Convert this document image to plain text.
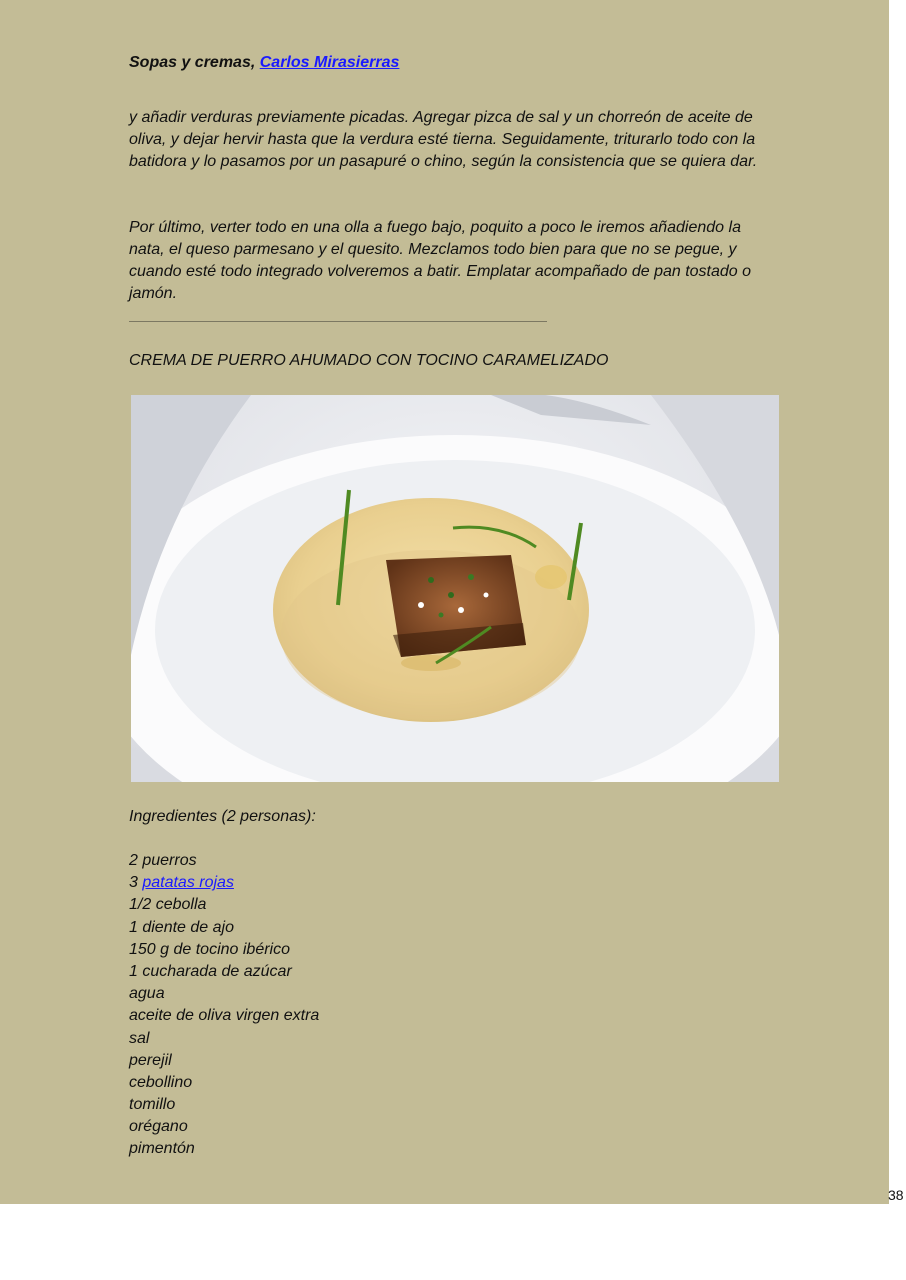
Sopas y cremas, Carlos Mirasierras

y añadir verduras previamente picadas. Agregar pizca de sal y un chorreón de aceite de oliva, y dejar hervir hasta que la verdura esté tierna. Seguidamente, triturarlo todo con la batidora y lo pasamos por un pasapuré o chino, según la consistencia que se quiera dar.

Por último, verter todo en una olla a fuego bajo, poquito a poco le iremos añadiendo la nata, el queso parmesano y el quesito. Mezclamos todo bien para que no se pegue, y cuando esté todo integrado volveremos a batir. Emplatar acompañado de pan tostado o jamón.

CREMA DE PUERRO AHUMADO CON TOCINO CARAMELIZADO
Ingredientes (2 personas):
2 puerros
3 patatas rojas
1/2 cebolla
1 diente de ajo
150 g de tocino ibérico
1 cucharada de azúcar
agua
aceite de oliva virgen extra
sal
perejil
cebollino
tomillo
orégano
pimentón
38
